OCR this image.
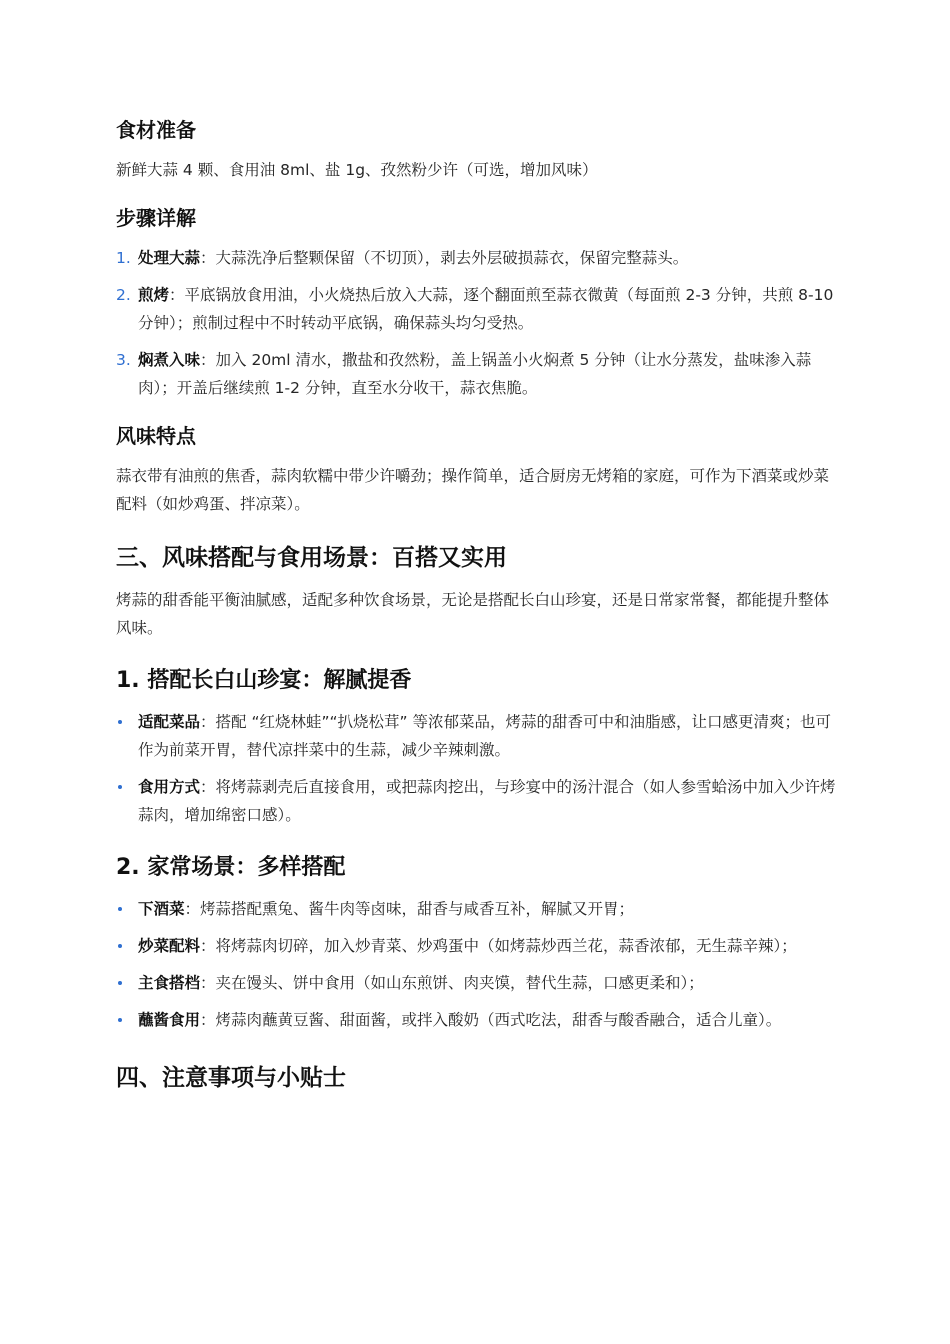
食材准备

新鲜大蒜 4 颗、食用油 8ml、盐 1g、孜然粉少许（可选，增加风味）

步骤详解
1. 处理大蒜：大蒜洗净后整颗保留（不切顶），剥去外层破损蒜衣，保留完整蒜头。
2. 煎烤：平底锅放食用油，小火烧热后放入大蒜，逐个翻面煎至蒜衣微黄（每面煎 2-3 分钟，共煎 8-10 分钟）；煎制过程中不时转动平底锅，确保蒜头均匀受热。
3. 焖煮入味：加入 20ml 清水，撒盐和孜然粉，盖上锅盖小火焖煮 5 分钟（让水分蒸发，盐味渗入蒜肉）；开盖后继续煎 1-2 分钟，直至水分收干，蒜衣焦脆。
风味特点

蒜衣带有油煎的焦香，蒜肉软糯中带少许嚼劲；操作简单，适合厨房无烤箱的家庭，可作为下酒菜或炒菜配料（如炒鸡蛋、拌凉菜）。

三、风味搭配与食用场景：百搭又实用

烤蒜的甜香能平衡油腻感，适配多种饮食场景，无论是搭配长白山珍宴，还是日常家常餐，都能提升整体风味。

1. 搭配长白山珍宴：解腻提香
适配菜品：搭配 “红烧林蛙”“扒烧松茸” 等浓郁菜品，烤蒜的甜香可中和油脂感，让口感更清爽；也可作为前菜开胃，替代凉拌菜中的生蒜，减少辛辣刺激。
食用方式：将烤蒜剥壳后直接食用，或把蒜肉挖出，与珍宴中的汤汁混合（如人参雪蛤汤中加入少许烤蒜肉，增加绵密口感）。
2. 家常场景：多样搭配
下酒菜：烤蒜搭配熏兔、酱牛肉等卤味，甜香与咸香互补，解腻又开胃；
炒菜配料：将烤蒜肉切碎，加入炒青菜、炒鸡蛋中（如烤蒜炒西兰花，蒜香浓郁，无生蒜辛辣）；
主食搭档：夹在馒头、饼中食用（如山东煎饼、肉夹馍，替代生蒜，口感更柔和）；
蘸酱食用：烤蒜肉蘸黄豆酱、甜面酱，或拌入酸奶（西式吃法，甜香与酸香融合，适合儿童）。
四、注意事项与小贴士
